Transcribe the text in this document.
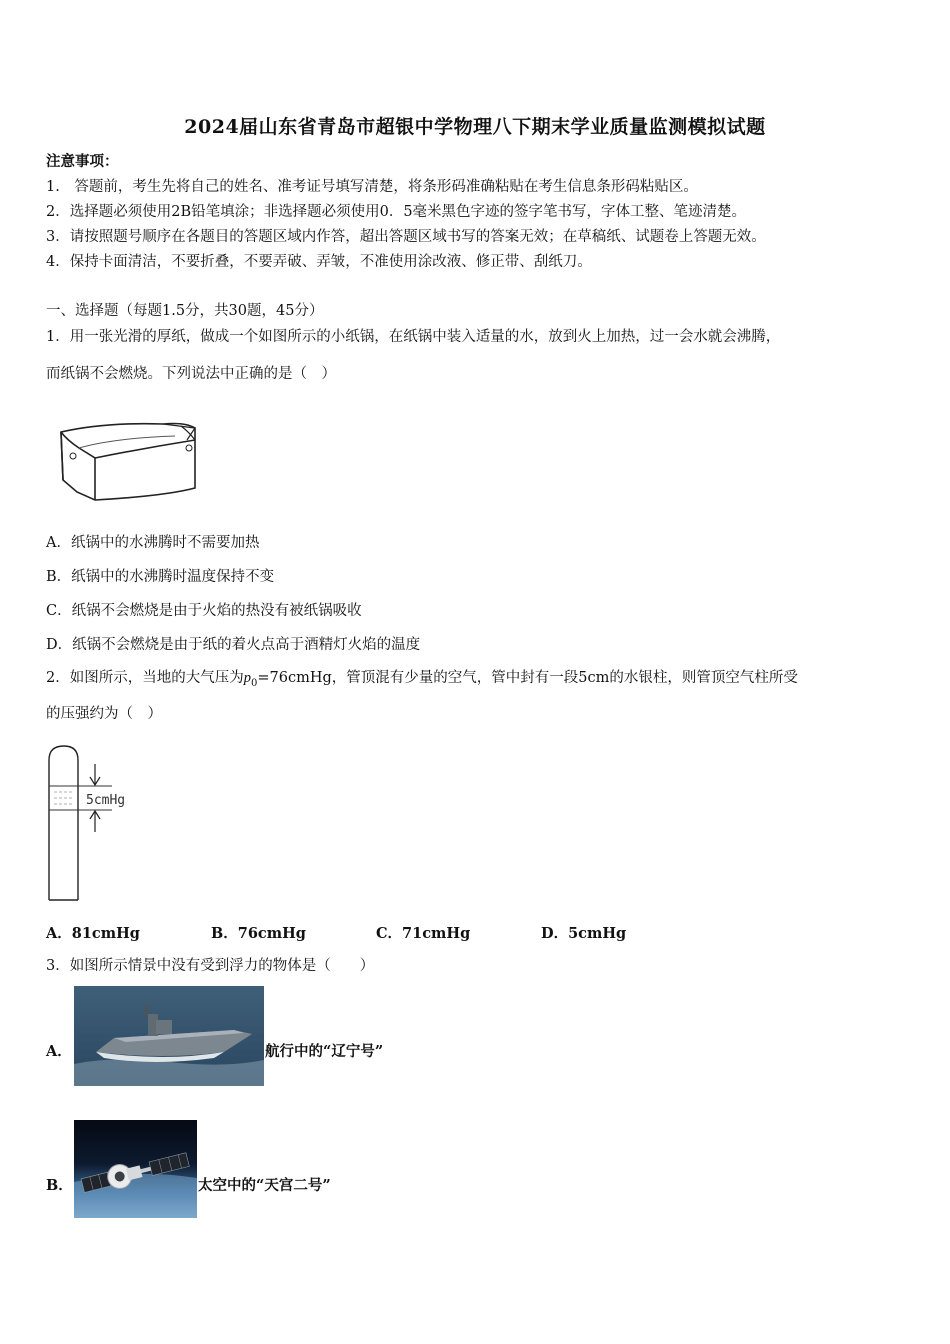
2024届山东省青岛市超银中学物理八下期末学业质量监测模拟试题
注意事项：
1.　答题前，考生先将自己的姓名、准考证号填写清楚，将条形码准确粘贴在考生信息条形码粘贴区。
2．选择题必须使用2B铅笔填涂；非选择题必须使用0．5毫米黑色字迹的签字笔书写，字体工整、笔迹清楚。
3．请按照题号顺序在各题目的答题区域内作答，超出答题区域书写的答案无效；在草稿纸、试题卷上答题无效。
4．保持卡面清洁，不要折叠，不要弄破、弄皱，不准使用涂改液、修正带、刮纸刀。
一、选择题（每题1.5分，共30题，45分）
1．用一张光滑的厚纸，做成一个如图所示的小纸锅，在纸锅中装入适量的水，放到火上加热，过一会水就会沸腾，
而纸锅不会燃烧。下列说法中正确的是（　）
A．纸锅中的水沸腾时不需要加热
B．纸锅中的水沸腾时温度保持不变
C．纸锅不会燃烧是由于火焰的热没有被纸锅吸收
D．纸锅不会燃烧是由于纸的着火点高于酒精灯火焰的温度
2．如图所示，当地的大气压为$p_0=76cmHg$，管顶混有少量的空气，管中封有一段5cm的水银柱，则管顶空气柱所受
的压强约为（　）
5cmHg
A．81cmHg	B．76cmHg	C．71cmHg	D．5cmHg
3．如图所示情景中没有受到浮力的物体是（　　）
A．	航行中的“辽宁号”
B．	太空中的“天宫二号”
